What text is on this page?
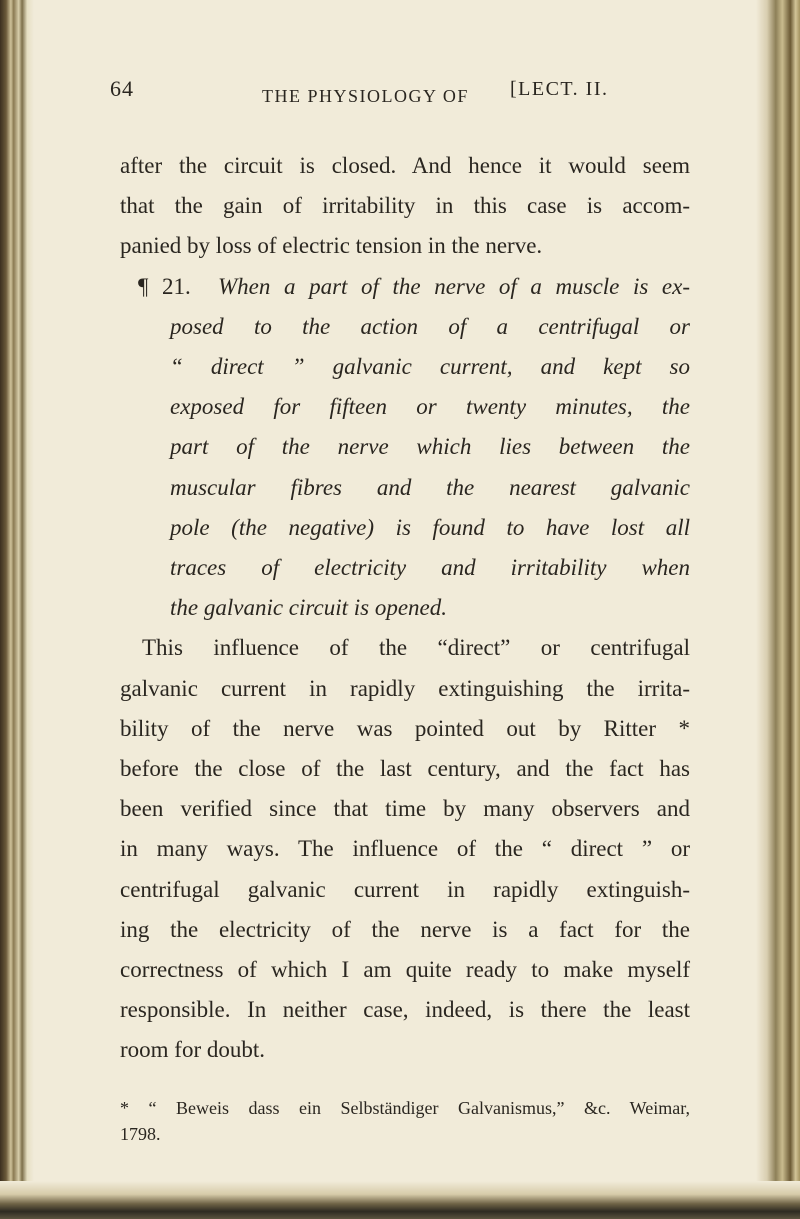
64	THE PHYSIOLOGY OF [LECT. II.

after the circuit is closed. And hence it would seem

that the gain of irritability in this case is accom-

panied by loss of electric tension in the nerve.

¶ 21. When a part of the nerve of a muscle is ex-

posed to the action of a centrifugal or

“ direct ” galvanic current, and kept so

exposed for fifteen or twenty minutes, the

part of the nerve which lies between the

muscular fibres and the nearest galvanic

pole (the negative) is found to have lost all

traces of electricity and irritability when

the galvanic circuit is opened.

This influence of the “direct” or centrifugal

galvanic current in rapidly extinguishing the irrita-

bility of the nerve was pointed out by Ritter *

before the close of the last century, and the fact has

been verified since that time by many observers and

in many ways. The influence of the “ direct ” or

centrifugal galvanic current in rapidly extinguish-

ing the electricity of the nerve is a fact for the

correctness of which I am quite ready to make myself

responsible. In neither case, indeed, is there the least

room for doubt.

* “ Beweis dass ein Selbständiger Galvanismus,” &c. Weimar,
1798.
